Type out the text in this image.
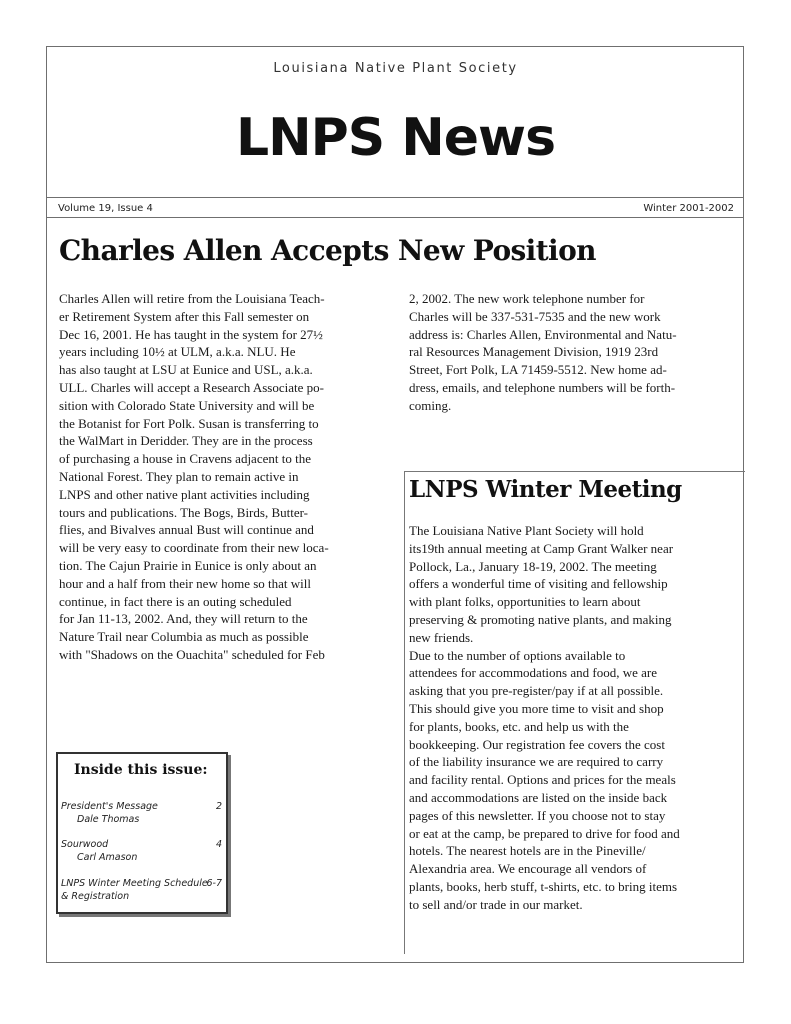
Louisiana Native Plant Society
LNPS News
Volume 19, Issue 4	Winter 2001-2002
Charles Allen Accepts New Position
Charles Allen will retire from the Louisiana Teach-
er Retirement System after this Fall semester on
Dec 16, 2001. He has taught in the system for 27½
years including 10½ at ULM, a.k.a. NLU. He
has also taught at LSU at Eunice and USL, a.k.a.
ULL. Charles will accept a Research Associate po-
sition with Colorado State University and will be
the Botanist for Fort Polk. Susan is transferring to
the WalMart in Deridder. They are in the process
of purchasing a house in Cravens adjacent to the
National Forest. They plan to remain active in
LNPS and other native plant activities including
tours and publications. The Bogs, Birds, Butter-
flies, and Bivalves annual Bust will continue and
will be very easy to coordinate from their new loca-
tion. The Cajun Prairie in Eunice is only about an
hour and a half from their new home so that will
continue, in fact there is an outing scheduled
for Jan 11-13, 2002. And, they will return to the
Nature Trail near Columbia as much as possible
with "Shadows on the Ouachita" scheduled for Feb
2, 2002. The new work telephone number for
Charles will be 337-531-7535 and the new work
address is: Charles Allen, Environmental and Natu-
ral Resources Management Division, 1919 23rd
Street, Fort Polk, LA 71459-5512. New home ad-
dress, emails, and telephone numbers will be forth-
coming.
Inside this issue:
President's Message
Dale Thomas
2
Sourwood
Carl Amason
4
LNPS Winter Meeting Schedule
& Registration
6-7
LNPS Winter Meeting
The Louisiana Native Plant Society will hold
its19th annual meeting at Camp Grant Walker near
Pollock, La., January 18-19, 2002. The meeting
offers a wonderful time of visiting and fellowship
with plant folks, opportunities to learn about
preserving & promoting native plants, and making
new friends.
Due to the number of options available to
attendees for accommodations and food, we are
asking that you pre-register/pay if at all possible.
This should give you more time to visit and shop
for plants, books, etc. and help us with the
bookkeeping. Our registration fee covers the cost
of the liability insurance we are required to carry
and facility rental. Options and prices for the meals
and accommodations are listed on the inside back
pages of this newsletter. If you choose not to stay
or eat at the camp, be prepared to drive for food and
hotels. The nearest hotels are in the Pineville/
Alexandria area. We encourage all vendors of
plants, books, herb stuff, t-shirts, etc. to bring items
to sell and/or trade in our market.
